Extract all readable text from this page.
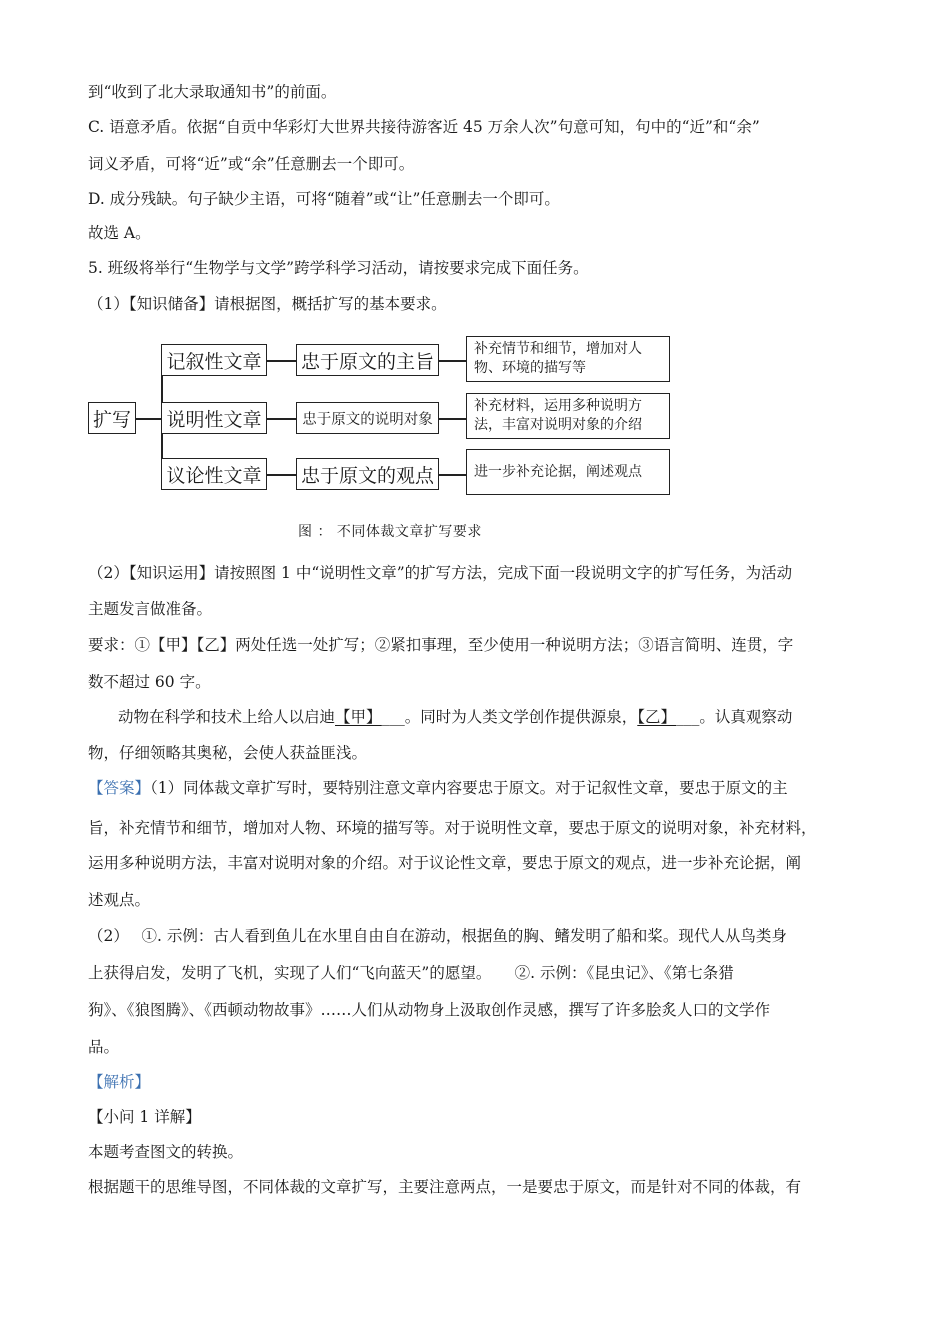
到“收到了北大录取通知书”的前面。
C. 语意矛盾。依据“自贡中华彩灯大世界共接待游客近 45 万余人次”句意可知，句中的“近”和“余”
词义矛盾，可将“近”或“余”任意删去一个即可。
D. 成分残缺。句子缺少主语，可将“随着”或“让”任意删去一个即可。
故选 A。
5. 班级将举行“生物学与文学”跨学科学习活动，请按要求完成下面任务。
（1）【知识储备】请根据图，概括扩写的基本要求。
扩写
记叙性文章
说明性文章
议论性文章
忠于原文的主旨
忠于原文的说明对象
忠于原文的观点
补充情节和细节，增加对人物、环境的描写等
补充材料，运用多种说明方法，丰富对说明对象的介绍
进一步补充论据，阐述观点
图 ： 不同体裁文章扩写要求
（2）【知识运用】请按照图 1 中“说明性文章”的扩写方法，完成下面一段说明文字的扩写任务，为活动
主题发言做准备。
要求：①【甲】【乙】两处任选一处扩写；②紧扣事理，至少使用一种说明方法；③语言简明、连贯，字
数不超过 60 字。
动物在科学和技术上给人以启迪【甲】___。同时为人类文学创作提供源泉，【乙】___。认真观察动
物，仔细领略其奥秘，会使人获益匪浅。
【答案】（1）同体裁文章扩写时，要特别注意文章内容要忠于原文。对于记叙性文章，要忠于原文的主
旨，补充情节和细节，增加对人物、环境的描写等。对于说明性文章，要忠于原文的说明对象，补充材料，
运用多种说明方法，丰富对说明对象的介绍。对于议论性文章，要忠于原文的观点，进一步补充论据，阐
述观点。
（2）　 ①. 示例：古人看到鱼儿在水里自由自在游动，根据鱼的胸、鳍发明了船和桨。现代人从鸟类身
上获得启发，发明了飞机，实现了人们“飞向蓝天”的愿望。　　②. 示例：《昆虫记》、《第七条猎
狗》、《狼图腾》、《西顿动物故事》……人们从动物身上汲取创作灵感，撰写了许多脍炙人口的文学作
品。
【解析】
【小问 1 详解】
本题考查图文的转换。
根据题干的思维导图，不同体裁的文章扩写，主要注意两点，一是要忠于原文，而是针对不同的体裁，有
